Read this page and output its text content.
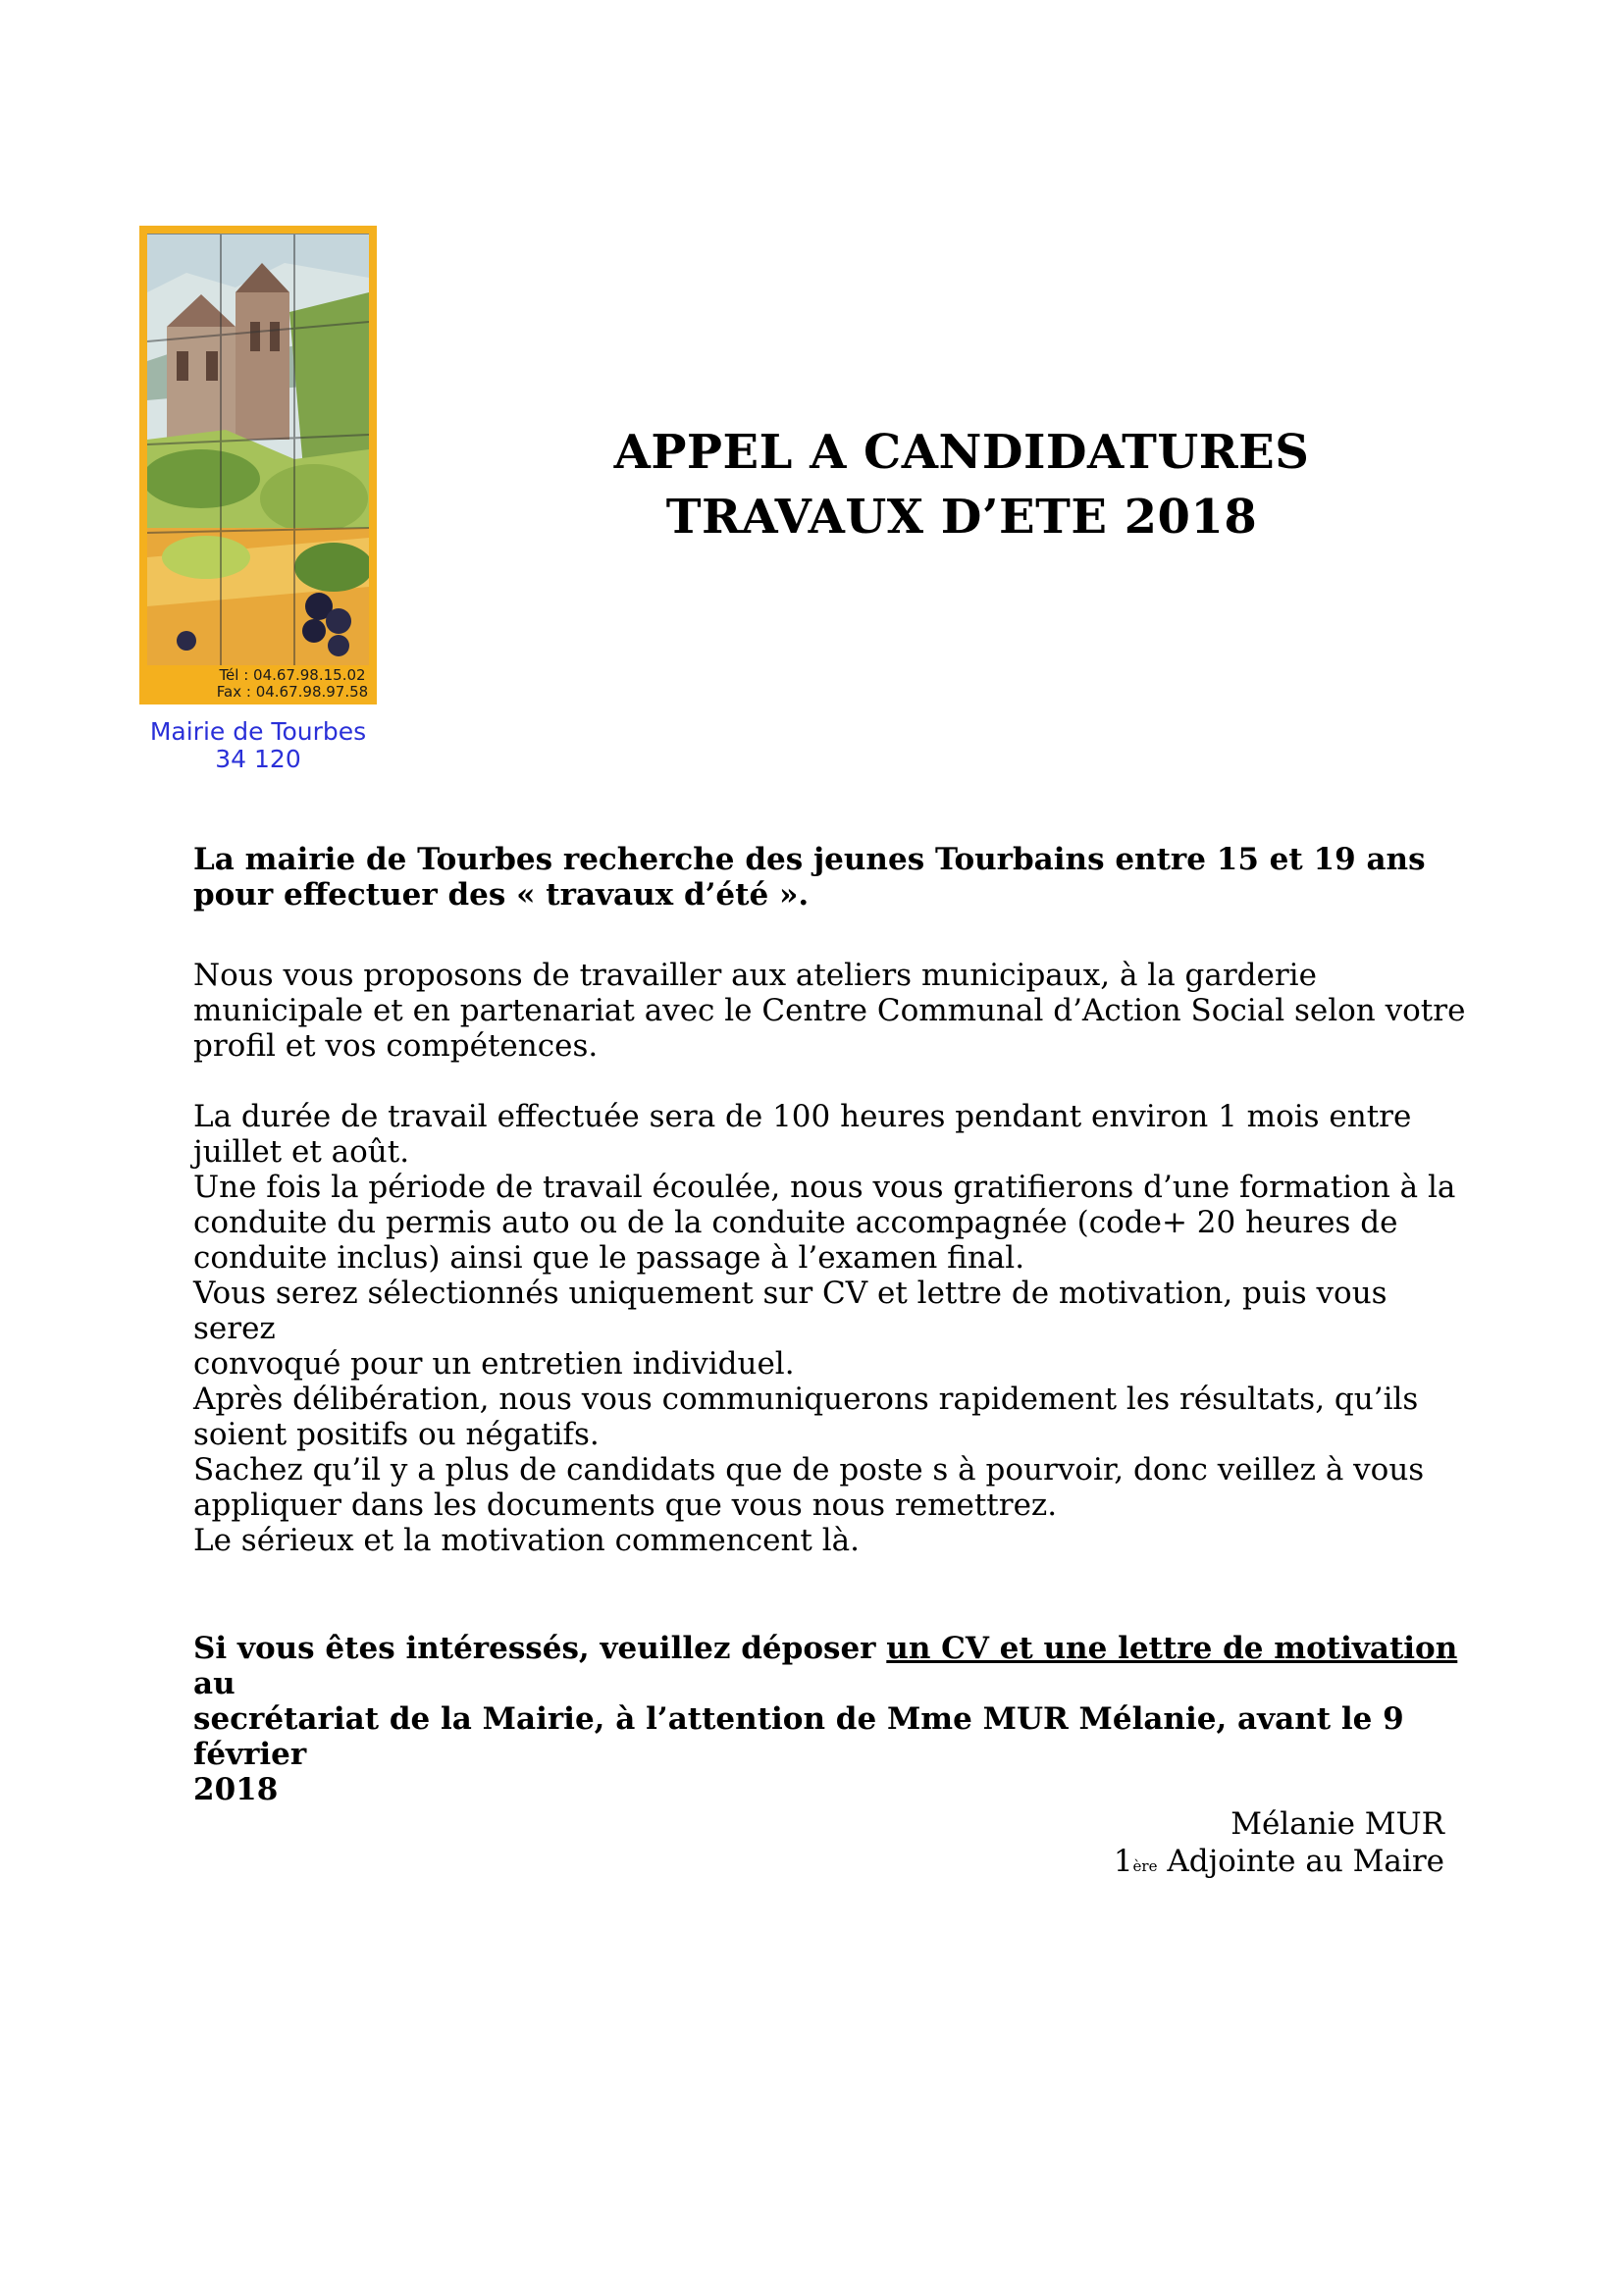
Tél : 04.67.98.15.02
Fax : 04.67.98.97.58
Mairie de Tourbes
34 120
APPEL A CANDIDATURES
TRAVAUX D’ETE 2018

La mairie de Tourbes recherche des jeunes Tourbains entre 15 et 19 ans

pour effectuer des « travaux d’été ».

Nous vous proposons de travailler aux ateliers municipaux, à la garderie

municipale et en partenariat avec le Centre Communal d’Action Social selon votre

profil et vos compétences.

La durée de travail effectuée sera de 100 heures pendant environ 1 mois entre

juillet et août.

Une fois la période de travail écoulée, nous vous gratifierons d’une formation à la

conduite du permis auto ou de la conduite accompagnée (code+ 20 heures de

conduite inclus) ainsi que le passage à l’examen final.

Vous serez sélectionnés uniquement sur CV et lettre de motivation, puis vous serez

convoqué pour un entretien individuel.

Après délibération, nous vous communiquerons rapidement les résultats, qu’ils

soient positifs ou négatifs.

Sachez qu’il y a plus de candidats que de poste s à pourvoir, donc veillez à vous

appliquer dans les documents que vous nous remettrez.

Le sérieux et la motivation commencent là.

Si vous êtes intéressés, veuillez déposer un CV et une lettre de motivation au

secrétariat de la Mairie, à l’attention de Mme MUR Mélanie, avant le 9 février

2018

Mélanie MUR
1ère Adjointe au Maire
